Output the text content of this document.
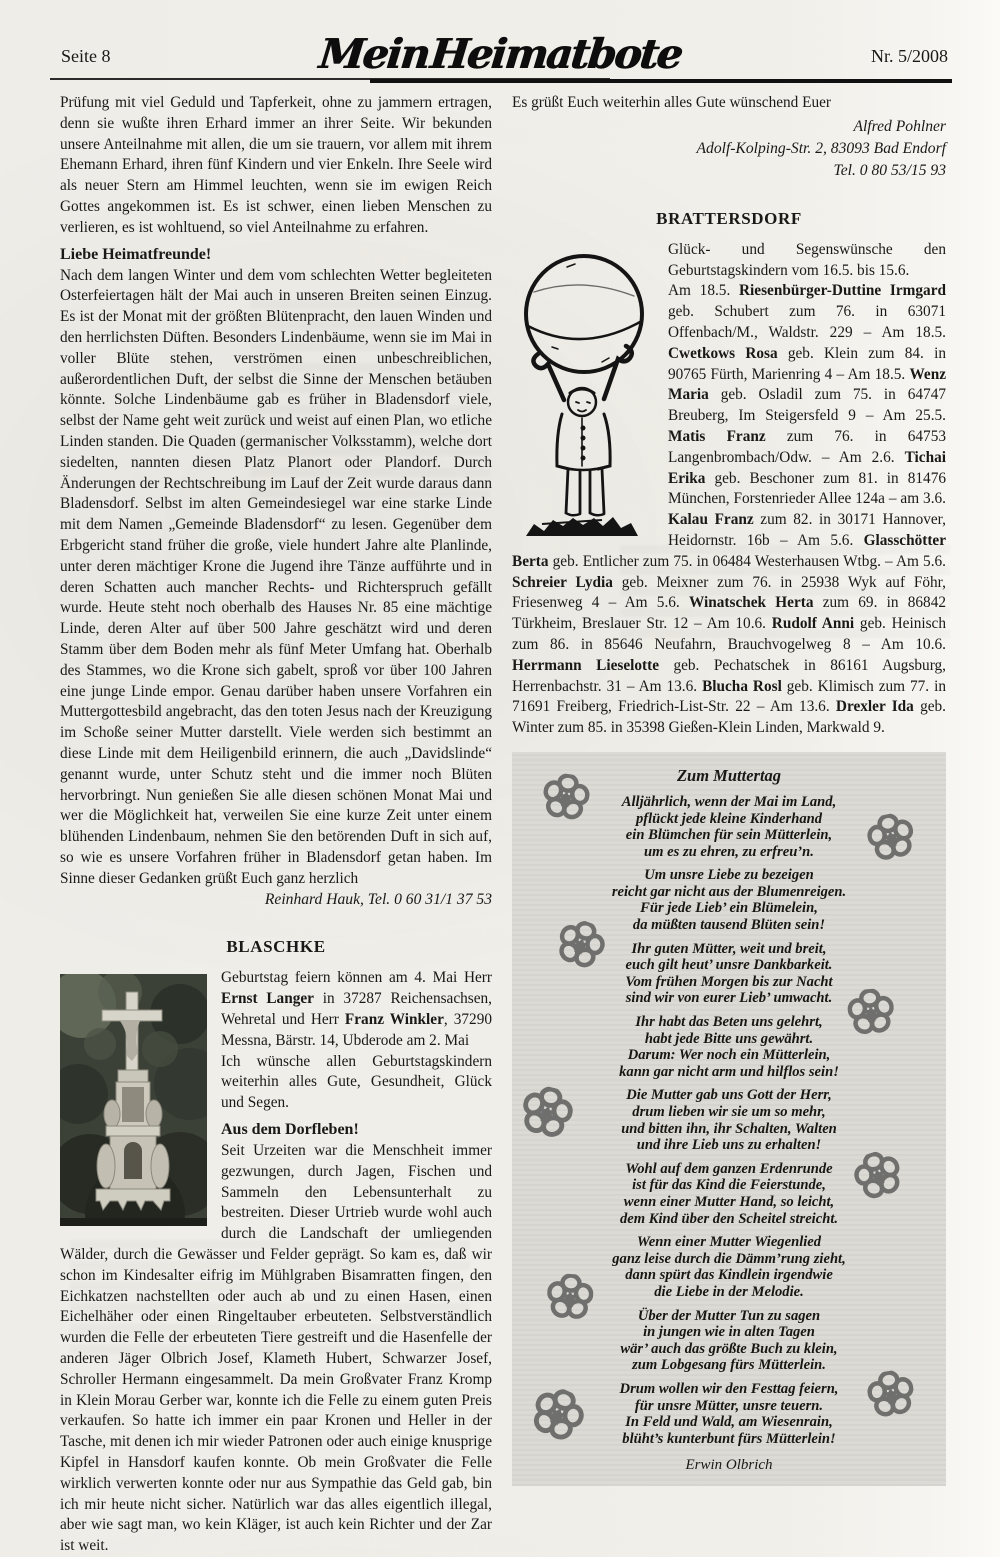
Seite 8	Mein Heimatbote	Nr. 5/2008

Prüfung mit viel Geduld und Tapferkeit, ohne zu jammern ertragen, denn sie wußte ihren Erhard immer an ihrer Seite. Wir bekunden unsere Anteilnahme mit allen, die um sie trauern, vor allem mit ihrem Ehemann Erhard, ihren fünf Kindern und vier Enkeln. Ihre Seele wird als neuer Stern am Himmel leuchten, wenn sie im ewigen Reich Gottes angekommen ist. Es ist schwer, einen lieben Menschen zu verlieren, es ist wohltuend, so viel Anteilnahme zu erfahren.

Liebe Heimatfreunde!

Nach dem langen Winter und dem vom schlechten Wetter begleiteten Osterfeiertagen hält der Mai auch in unseren Breiten seinen Einzug. Es ist der Monat mit der größten Blütenpracht, den lauen Winden und den herrlichsten Düften. Besonders Lindenbäume, wenn sie im Mai in voller Blüte stehen, verströmen einen unbeschreiblichen, außerordentlichen Duft, der selbst die Sinne der Menschen betäuben könnte. Solche Lindenbäume gab es früher in Bladensdorf viele, selbst der Name geht weit zurück und weist auf einen Plan, wo etliche Linden standen. Die Quaden (germanischer Volksstamm), welche dort siedelten, nannten diesen Platz Planort oder Plandorf. Durch Änderungen der Rechtschreibung im Lauf der Zeit wurde daraus dann Bladensdorf. Selbst im alten Gemeindesiegel war eine starke Linde mit dem Namen „Gemeinde Bladensdorf“ zu lesen. Gegenüber dem Erbgericht stand früher die große, viele hundert Jahre alte Planlinde, unter deren mächtiger Krone die Jugend ihre Tänze aufführte und in deren Schatten auch mancher Rechts- und Richterspruch gefällt wurde. Heute steht noch oberhalb des Hauses Nr. 85 eine mächtige Linde, deren Alter auf über 500 Jahre geschätzt wird und deren Stamm über dem Boden mehr als fünf Meter Umfang hat. Oberhalb des Stammes, wo die Krone sich gabelt, sproß vor über 100 Jahren eine junge Linde empor. Genau darüber haben unsere Vorfahren ein Muttergottesbild angebracht, das den toten Jesus nach der Kreuzigung im Schoße seiner Mutter darstellt. Viele werden sich bestimmt an diese Linde mit dem Heiligenbild erinnern, die auch „Davidslinde“ genannt wurde, unter Schutz steht und die immer noch Blüten hervorbringt. Nun genießen Sie alle diesen schönen Monat Mai und wer die Möglichkeit hat, verweilen Sie eine kurze Zeit unter einem blühenden Lindenbaum, nehmen Sie den betörenden Duft in sich auf, so wie es unsere Vorfahren früher in Bladensdorf getan haben. Im Sinne dieser Gedanken grüßt Euch ganz herzlich

Reinhard Hauk, Tel. 0 60 31/1 37 53

BLASCHKE

Geburtstag feiern können am 4. Mai Herr Ernst Langer in 37287 Reichensachsen, Wehretal und Herr Franz Winkler, 37290 Messna, Bärstr. 14, Ubderode am 2. Mai

Ich wünsche allen Geburtstagskindern weiterhin alles Gute, Gesundheit, Glück und Segen.

Aus dem Dorfleben!

Seit Urzeiten war die Menschheit immer gezwungen, durch Jagen, Fischen und Sammeln den Lebensunterhalt zu bestreiten. Dieser Urtrieb wurde wohl auch durch die Landschaft der umliegenden Wälder, durch die Gewässer und Felder geprägt. So kam es, daß wir schon im Kindesalter eifrig im Mühlgraben Bisamratten fingen, den Eichkatzen nachstellten oder auch ab und zu einen Hasen, einen Eichelhäher oder einen Ringeltauber erbeuteten. Selbstverständlich wurden die Felle der erbeuteten Tiere gestreift und die Hasenfelle der anderen Jäger Olbrich Josef, Klameth Hubert, Schwarzer Josef, Schroller Hermann eingesammelt. Da mein Großvater Franz Kromp in Klein Morau Gerber war, konnte ich die Felle zu einem guten Preis verkaufen. So hatte ich immer ein paar Kronen und Heller in der Tasche, mit denen ich mir wieder Patronen oder auch einige knusprige Kipfel in Hansdorf kaufen konnte. Ob mein Großvater die Felle wirklich verwerten konnte oder nur aus Sympathie das Geld gab, bin ich mir heute nicht sicher. Natürlich war das alles eigentlich illegal, aber wie sagt man, wo kein Kläger, ist auch kein Richter und der Zar ist weit.

Es grüßt Euch weiterhin alles Gute wünschend Euer

Alfred Pohlner
Adolf-Kolping-Str. 2, 83093 Bad Endorf
Tel. 0 80 53/15 93

BRATTERSDORF

Glück- und Segenswünsche den Geburtstagskindern vom 16.5. bis 15.6.

Am 18.5. Riesenbürger-Duttine Irmgard geb. Schubert zum 76. in 63071 Offenbach/M., Waldstr. 229 – Am 18.5. Cwetkows Rosa geb. Klein zum 84. in 90765 Fürth, Marienring 4 – Am 18.5. Wenz Maria geb. Osladil zum 75. in 64747 Breuberg, Im Steigersfeld 9 – Am 25.5. Matis Franz zum 76. in 64753 Langenbrombach/Odw. – Am 2.6. Tichai Erika geb. Beschoner zum 81. in 81476 München, Forstenrieder Allee 124a – am 3.6. Kalau Franz zum 82. in 30171 Hannover, Heidornstr. 16b – Am 5.6. Glasschötter Berta geb. Entlicher zum 75. in 06484 Westerhausen Wtbg. – Am 5.6. Schreier Lydia geb. Meixner zum 76. in 25938 Wyk auf Föhr, Friesenweg 4 – Am 5.6. Winatschek Herta zum 69. in 86842 Türkheim, Breslauer Str. 12 – Am 10.6. Rudolf Anni geb. Heinisch zum 86. in 85646 Neufahrn, Brauchvogelweg 8 – Am 10.6. Herrmann Lieselotte geb. Pechatschek in 86161 Augsburg, Herrenbachstr. 31 – Am 13.6. Blucha Rosl geb. Klimisch zum 77. in 71691 Freiberg, Friedrich-List-Str. 22 – Am 13.6. Drexler Ida geb. Winter zum 85. in 35398 Gießen-Klein Linden, Markwald 9.

Zum Muttertag
Alljährlich, wenn der Mai im Land,
pflückt jede kleine Kinderhand
ein Blümchen für sein Mütterlein,
um es zu ehren, zu erfreu’n.
Um unsre Liebe zu bezeigen
reicht gar nicht aus der Blumenreigen.
Für jede Lieb’ ein Blümelein,
da müßten tausend Blüten sein!
Ihr guten Mütter, weit und breit,
euch gilt heut’ unsre Dankbarkeit.
Vom frühen Morgen bis zur Nacht
sind wir von eurer Lieb’ umwacht.
Ihr habt das Beten uns gelehrt,
habt jede Bitte uns gewährt.
Darum: Wer noch ein Mütterlein,
kann gar nicht arm und hilflos sein!
Die Mutter gab uns Gott der Herr,
drum lieben wir sie um so mehr,
und bitten ihn, ihr Schalten, Walten
und ihre Lieb uns zu erhalten!
Wohl auf dem ganzen Erdenrunde
ist für das Kind die Feierstunde,
wenn einer Mutter Hand, so leicht,
dem Kind über den Scheitel streicht.
Wenn einer Mutter Wiegenlied
ganz leise durch die Dämm’rung zieht,
dann spürt das Kindlein irgendwie
die Liebe in der Melodie.
Über der Mutter Tun zu sagen
in jungen wie in alten Tagen
wär’ auch das größte Buch zu klein,
zum Lobgesang fürs Mütterlein.
Drum wollen wir den Festtag feiern,
für unsre Mütter, unsre teuern.
In Feld und Wald, am Wiesenrain,
blüht’s kunterbunt fürs Mütterlein!
Erwin Olbrich
